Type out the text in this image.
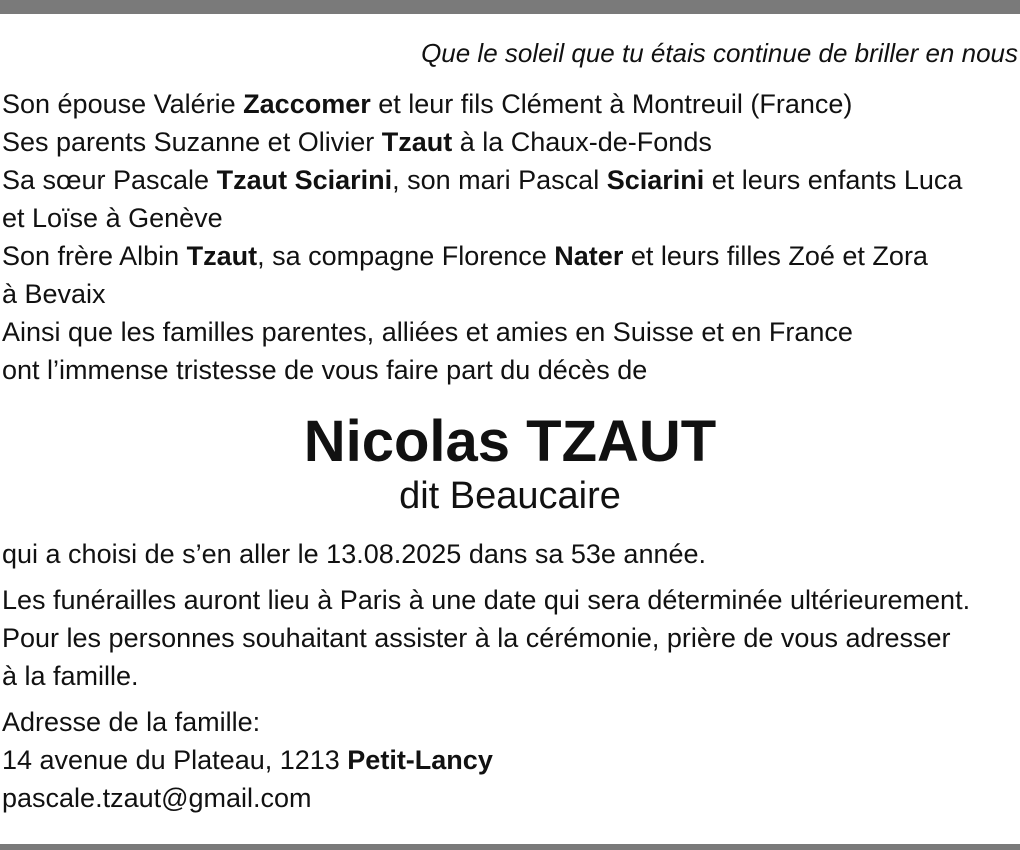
Que le soleil que tu étais continue de briller en nous
Son épouse Valérie Zaccomer et leur fils Clément à Montreuil (France)
Ses parents Suzanne et Olivier Tzaut à la Chaux-de-Fonds
Sa sœur Pascale Tzaut Sciarini, son mari Pascal Sciarini et leurs enfants Luca
et Loïse à Genève
Son frère Albin Tzaut, sa compagne Florence Nater et leurs filles Zoé et Zora
à Bevaix
Ainsi que les familles parentes, alliées et amies en Suisse et en France
ont l’immense tristesse de vous faire part du décès de
Nicolas TZAUT
dit Beaucaire
qui a choisi de s’en aller le 13.08.2025 dans sa 53e année.
Les funérailles auront lieu à Paris à une date qui sera déterminée ultérieurement.
Pour les personnes souhaitant assister à la cérémonie, prière de vous adresser
à la famille.
Adresse de la famille:
14 avenue du Plateau, 1213 Petit-Lancy
pascale.tzaut@gmail.com
